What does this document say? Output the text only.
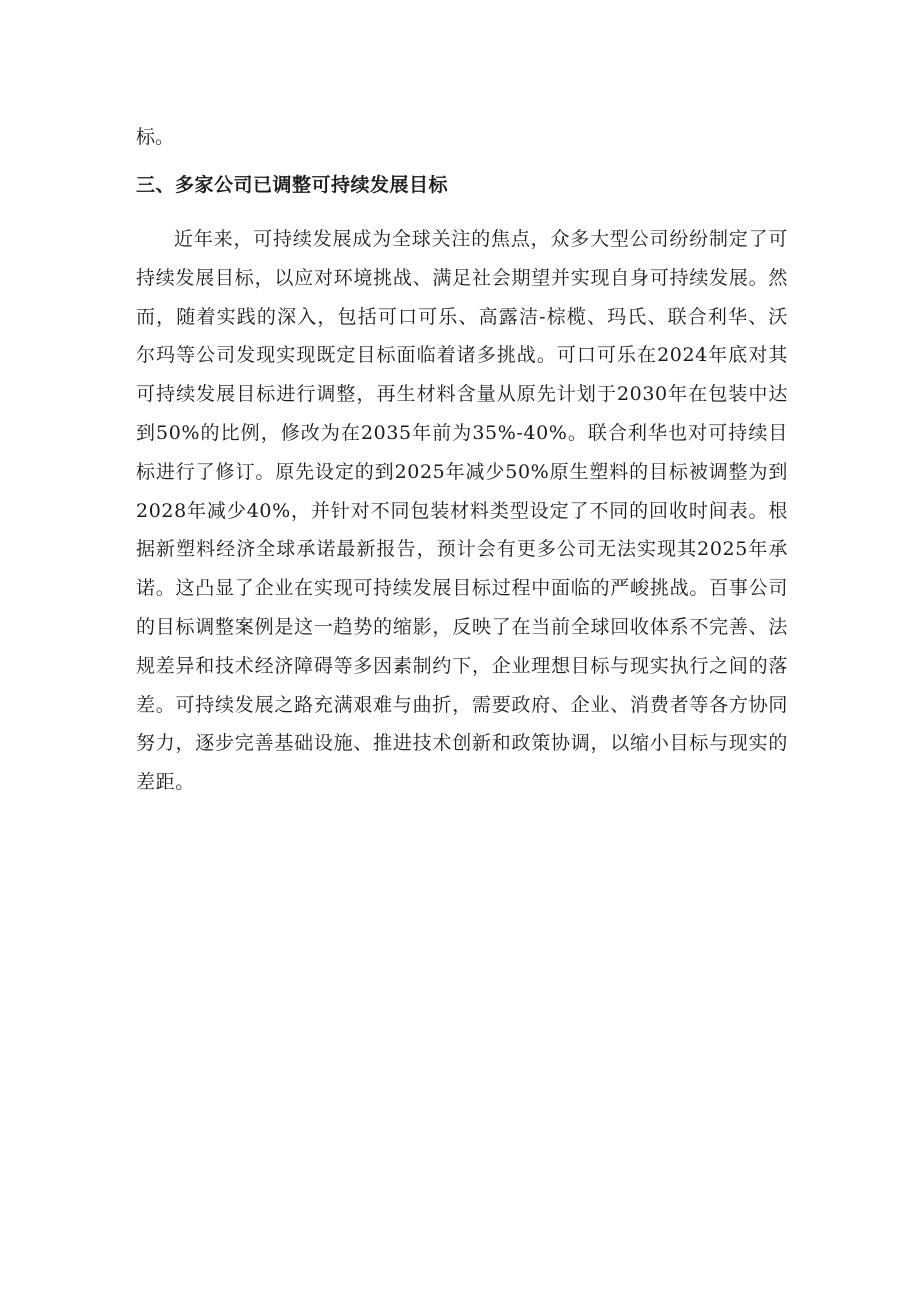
标。

三、多家公司已调整可持续发展目标

近年来，可持续发展成为全球关注的焦点，众多大型公司纷纷制定了可持续发展目标，以应对环境挑战、满足社会期望并实现自身可持续发展。然而，随着实践的深入，包括可口可乐、高露洁-棕榄、玛氏、联合利华、沃尔玛等公司发现实现既定目标面临着诸多挑战。可口可乐在2024年底对其可持续发展目标进行调整，再生材料含量从原先计划于2030年在包装中达到50%的比例，修改为在2035年前为35%-40%。联合利华也对可持续目标进行了修订。原先设定的到2025年减少50%原生塑料的目标被调整为到2028年减少40%，并针对不同包装材料类型设定了不同的回收时间表。根据新塑料经济全球承诺最新报告，预计会有更多公司无法实现其2025年承诺。这凸显了企业在实现可持续发展目标过程中面临的严峻挑战。百事公司的目标调整案例是这一趋势的缩影，反映了在当前全球回收体系不完善、法规差异和技术经济障碍等多因素制约下，企业理想目标与现实执行之间的落差。可持续发展之路充满艰难与曲折，需要政府、企业、消费者等各方协同努力，逐步完善基础设施、推进技术创新和政策协调，以缩小目标与现实的差距。
